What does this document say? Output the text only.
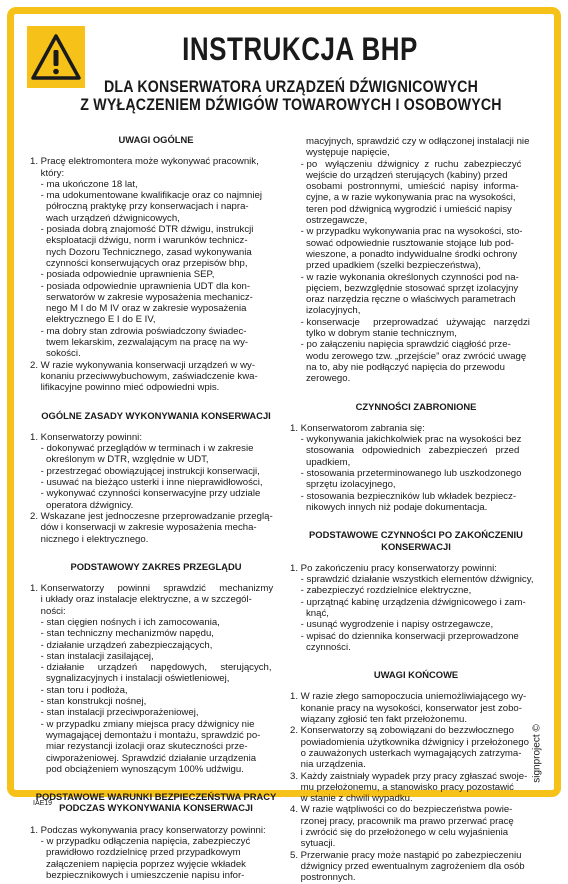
INSTRUKCJA BHP
DLA KONSERWATORA URZĄDZEŃ DŹWIGNICOWYCH
Z WYŁĄCZENIEM DŹWIGÓW TOWAROWYCH I OSOBOWYCH

UWAGI OGÓLNE

1. Pracę elektromontera może wykonywać pracownik,
który:
- ma ukończone 18 lat,
- ma udokumentowane kwalifikacje oraz co najmniej
półroczną praktykę przy konserwacjach i napra-
wach urządzeń dźwignicowych,
- posiada dobrą znajomość DTR dźwigu, instrukcji
eksploatacji dźwigu, norm i warunków technicz-
nych Dozoru Technicznego, zasad wykonywania
czynności konserwujących oraz przepisów bhp,
- posiada odpowiednie uprawnienia SEP,
- posiada odpowiednie uprawnienia UDT dla kon-
serwatorów w zakresie wyposażenia mechanicz-
nego M I do M IV oraz w zakresie wyposażenia
elektrycznego E I do E IV,
- ma dobry stan zdrowia poświadczony świadec-
twem lekarskim, zezwalającym na pracę na wy-
sokości.
2. W razie wykonywania konserwacji urządzeń w wy-
konaniu przeciwwybuchowym, zaświadczenie kwa-
lifikacyjne powinno mieć odpowiedni wpis.

OGÓLNE ZASADY WYKONYWANIA KONSERWACJI

1. Konserwatorzy powinni:
- dokonywać przeglądów w terminach i w zakresie
określonym w DTR, względnie w UDT,
- przestrzegać obowiązującej instrukcji konserwacji,
- usuwać na bieżąco usterki i inne nieprawidłowości,
- wykonywać czynności konserwacyjne przy udziale
operatora dźwignicy.
2. Wskazane jest jednoczesne przeprowadzanie przeglą-
dów i konserwacji w zakresie wyposażenia mecha-
nicznego i elektrycznego.

PODSTAWOWY ZAKRES PRZEGLĄDU

1. Konserwatorzy     powinni     sprawdzić     mechanizmy
i układy oraz instalacje elektryczne, a w szczegól-
ności:
- stan cięgien nośnych i ich zamocowania,
- stan techniczny mechanizmów napędu,
- działanie urządzeń zabezpieczających,
- stan instalacji zasilającej,
- działanie     urządzeń     napędowych,     sterujących,
sygnalizacyjnych i instalacji oświetleniowej,
- stan toru i podłoża,
- stan konstrukcji nośnej,
- stan instalacji przeciwporażeniowej,
- w przypadku zmiany miejsca pracy dźwignicy nie
wymagającej demontażu i montażu, sprawdzić po-
miar rezystancji izolacji oraz skuteczności prze-
ciwporażeniowej. Sprawdzić działanie urządzenia
pod obciążeniem wynoszącym 100% udźwigu.

PODSTAWOWE WARUNKI BEZPIECZEŃSTWA PRACY

PODCZAS WYKONYWANIA KONSERWACJI

1. Podczas wykonywania pracy konserwatorzy powinni:
- w przypadku odłączenia napięcia, zabezpieczyć
prawidłowo rozdzielnicę przed przypadkowym
załączeniem napięcia poprzez wyjęcie wkładek
bezpiecznikowych i umieszczenie napisu infor-
macyjnych, sprawdzić czy w odłączonej instalacji nie
występuje napięcie,
- po   wyłączeniu  dźwignicy  z  ruchu  zabezpieczyć
wejście do urządzeń sterujących (kabiny) przed
osobami  postronnymi,  umieścić  napisy  informa-
cyjne, a w razie wykonywania prac na wysokości,
teren pod dźwignicą wygrodzić i umieścić napisy
ostrzegawcze,
- w przypadku wykonywania prac na wysokości, sto-
sować odpowiednie rusztowanie stojące lub pod-
wieszone, a ponadto indywidualne środki ochrony
przed upadkiem (szelki bezpieczeństwa),
- w razie wykonania określonych czynności pod na-
pięciem, bezwzględnie stosować sprzęt izolacyjny
oraz narzędzia ręczne o właściwych parametrach
izolacyjnych,
- konserwacje     przeprowadzać   używając   narzędzi
tylko w dobrym stanie technicznym,
- po załączeniu napięcia sprawdzić ciągłość prze-
wodu zerowego tzw. „przejście” oraz zwrócić uwagę
na to, aby nie podłączyć napięcia do przewodu
zerowego.

CZYNNOŚCI ZABRONIONE

1. Konserwatorom zabrania się:
- wykonywania jakichkolwiek prac na wysokości bez
stosowania   odpowiednich   zabezpieczeń   przed
upadkiem,
- stosowania przeterminowanego lub uszkodzonego
sprzętu izolacyjnego,
- stosowania bezpieczników lub wkładek bezpiecz-
nikowych innych niż podaje dokumentacja.

PODSTAWOWE CZYNNOŚCI PO ZAKOŃCZENIU KONSERWACJI

1. Po zakończeniu pracy konserwatorzy powinni:
- sprawdzić działanie wszystkich elementów dźwignicy,
- zabezpieczyć rozdzielnice elektryczne,
- uprzątnąć kabinę urządzenia dźwignicowego i zam-
knąć,
- usunąć wygrodzenie i napisy ostrzegawcze,
- wpisać do dziennika konserwacji przeprowadzone
czynności.

UWAGI KOŃCOWE

1. W razie złego samopoczucia uniemożliwiającego wy-
konanie pracy na wysokości, konserwator jest zobo-
wiązany zgłosić ten fakt przełożonemu.
2. Konserwatorzy są zobowiązani do bezzwłocznego
powiadomienia użytkownika dźwignicy i przełożonego
o zauważonych usterkach wymagających zatrzyma-
nia urządzenia.
3. Każdy zaistniały wypadek przy pracy zgłaszać swoje-
mu przełożonemu, a stanowisko pracy pozostawić
w stanie z chwili wypadku.
4. W razie wątpliwości co do bezpieczeństwa powie-
rzonej pracy, pracownik ma prawo przerwać pracę
i zwrócić się do przełożonego w celu wyjaśnienia
sytuacji.
5. Przerwanie pracy może nastąpić po zabezpieczeniu
dźwignicy przed ewentualnym zagrożeniem dla osób
postronnych.
signproject ©
IAE19
